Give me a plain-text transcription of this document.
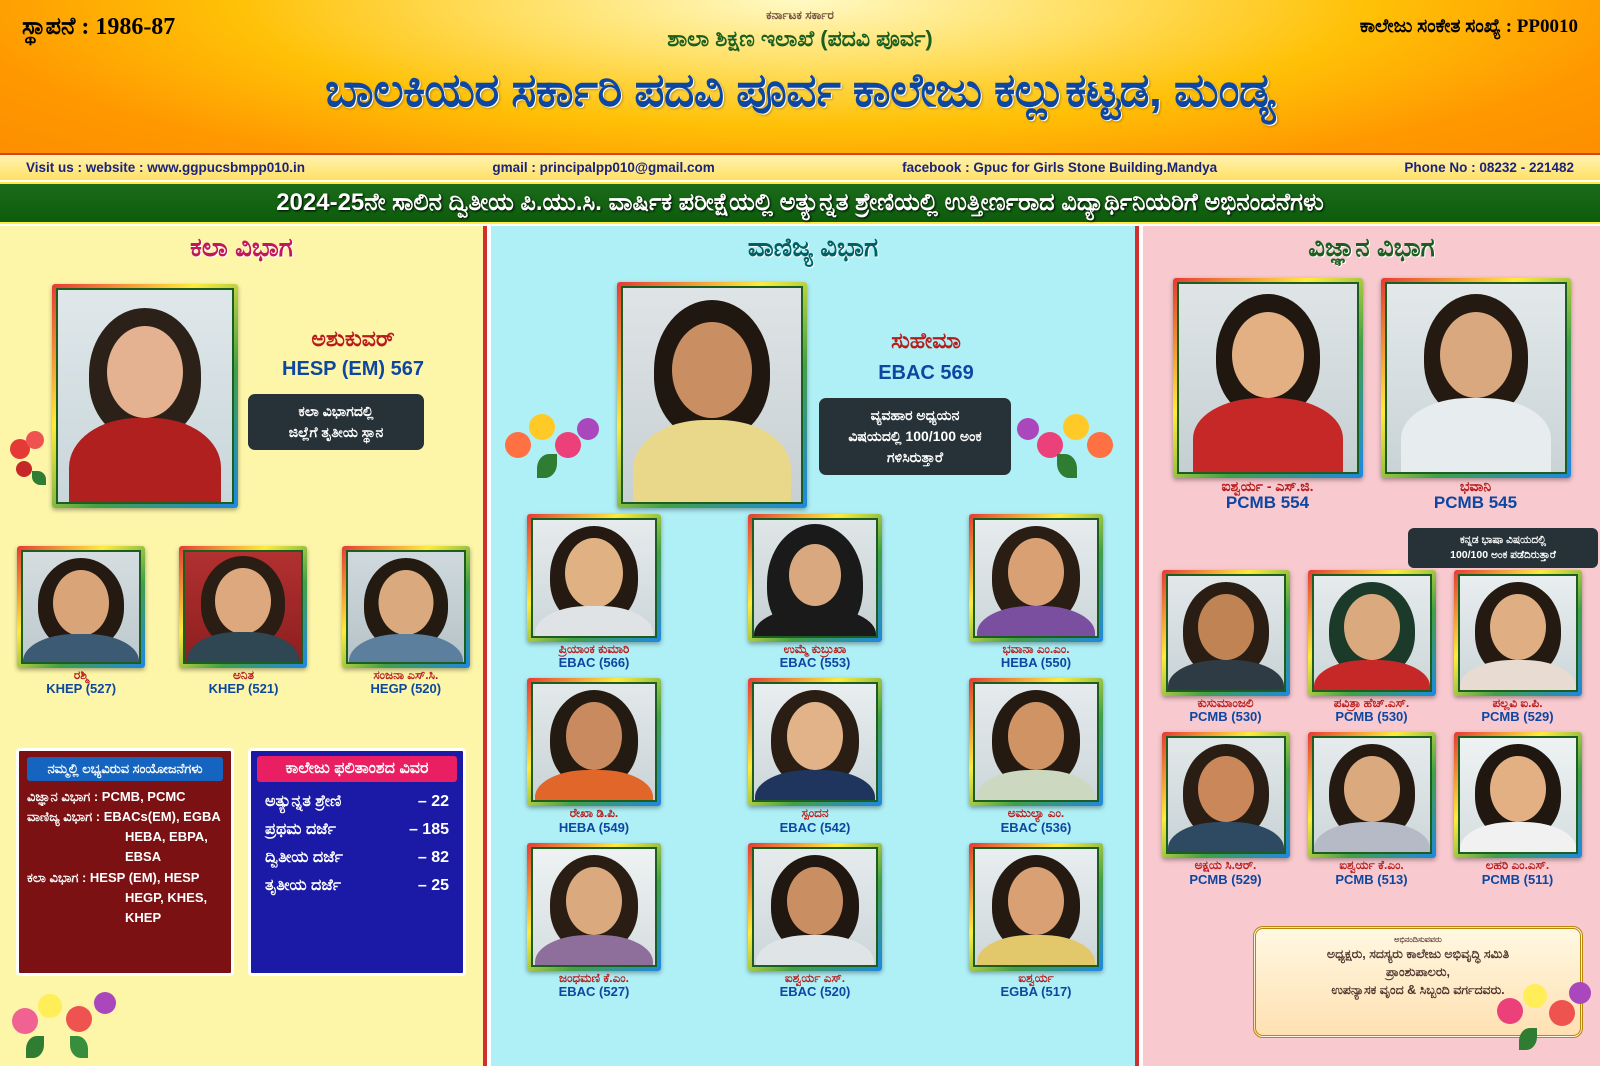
ಸ್ಥಾಪನೆ : 1986-87	ಕಾಲೇಜು ಸಂಕೇತ ಸಂಖ್ಯೆ : PP0010
ಕರ್ನಾಟಕ ಸರ್ಕಾರ
ಶಾಲಾ ಶಿಕ್ಷಣ ಇಲಾಖೆ (ಪದವಿ ಪೂರ್ವ)
ಬಾಲಕಿಯರ ಸರ್ಕಾರಿ ಪದವಿ ಪೂರ್ವ ಕಾಲೇಜು ಕಲ್ಲುಕಟ್ಟಡ, ಮಂಡ್ಯ
Visit us : website : www.ggpucsbmpp010.in	gmail : principalpp010@gmail.com	facebook : Gpuc for Girls Stone Building.Mandya	Phone No : 08232 - 221482
2024-25ನೇ ಸಾಲಿನ ದ್ವಿತೀಯ ಪಿ.ಯು.ಸಿ. ವಾರ್ಷಿಕ ಪರೀಕ್ಷೆಯಲ್ಲಿ ಅತ್ಯುನ್ನತ ಶ್ರೇಣಿಯಲ್ಲಿ ಉತ್ತೀರ್ಣರಾದ ವಿದ್ಯಾರ್ಥಿನಿಯರಿಗೆ ಅಭಿನಂದನೆಗಳು
ಕಲಾ ವಿಭಾಗ
ಅಶುಕುವರ್
HESP (EM) 567
ಕಲಾ ವಿಭಾಗದಲ್ಲಿ
ಜಿಲ್ಲೆಗೆ ತೃತೀಯ ಸ್ಥಾನ
ರಶ್ಮಿ
KHEP (527)
ಅನಿತ
KHEP (521)
ಸಂಜನಾ ಎಸ್.ಸಿ.
HEGP (520)
ನಮ್ಮಲ್ಲಿ ಲಭ್ಯವಿರುವ ಸಂಯೋಜನೆಗಳು
ವಿಜ್ಞಾನ ವಿಭಾಗ : PCMB, PCMC
ವಾಣಿಜ್ಯ ವಿಭಾಗ : EBACs(EM), EGBA
HEBA, EBPA, EBSA
ಕಲಾ ವಿಭಾಗ : HESP (EM), HESP
HEGP, KHES, KHEP
ಕಾಲೇಜು ಫಲಿತಾಂಶದ ವಿವರ
ಅತ್ಯುನ್ನತ ಶ್ರೇಣಿ	– 22
ಪ್ರಥಮ ದರ್ಜೆ	– 185
ದ್ವಿತೀಯ ದರ್ಜೆ	– 82
ತೃತೀಯ ದರ್ಜೆ	– 25
ವಾಣಿಜ್ಯ ವಿಭಾಗ
ಸುಹೇಮಾ
EBAC 569
ವ್ಯವಹಾರ ಅಧ್ಯಯನ
ವಿಷಯದಲ್ಲಿ 100/100 ಅಂಕ
ಗಳಿಸಿರುತ್ತಾರೆ
ಪ್ರಿಯಾಂಕ ಕುಮಾರಿ
EBAC (566)
ಉಮ್ಮೆ ಕುಬ್ರುಖಾ
EBAC (553)
ಭವಾನಾ ಎಂ.ಎಂ.
HEBA (550)
ರೇಖಾ ಡಿ.ಪಿ.
HEBA (549)
ಸ್ಪಂದನ
EBAC (542)
ಅಮುಲ್ಯಾ ಎಂ.
EBAC (536)
ಜಂಧಮಣಿ ಕೆ.ಎಂ.
EBAC (527)
ಐಶ್ವರ್ಯ ಎಸ್.
EBAC (520)
ಐಶ್ವರ್ಯ
EGBA (517)
ವಿಜ್ಞಾನ ವಿಭಾಗ
ಐಶ್ವರ್ಯ - ಎಸ್.ಜಿ.
PCMB 554
ಭವಾನಿ
PCMB 545
ಕನ್ನಡ ಭಾಷಾ ವಿಷಯದಲ್ಲಿ
100/100 ಅಂಕ ಪಡೆದಿರುತ್ತಾರೆ
ಕುಸುಮಾಂಜಲಿ
PCMB (530)
ಪವಿತ್ರಾ ಹೆಚ್.ಎಸ್.
PCMB (530)
ಪಲ್ಲವಿ ಐ.ಪಿ.
PCMB (529)
ಅಕ್ಷಯ ಸಿ.ಆರ್.
PCMB (529)
ಐಶ್ವರ್ಯ ಕೆ.ಎಂ.
PCMB (513)
ಲಹರಿ ಎಂ.ಎಸ್.
PCMB (511)
ಅಭಿನಂದಿಸುವವರು
ಅಧ್ಯಕ್ಷರು, ಸದಸ್ಯರು ಕಾಲೇಜು ಅಭಿವೃದ್ಧಿ ಸಮಿತಿ
ಪ್ರಾಂಶುಪಾಲರು,
ಉಪನ್ಯಾಸಕ ವೃಂದ & ಸಿಬ್ಬಂದಿ ವರ್ಗದವರು.
